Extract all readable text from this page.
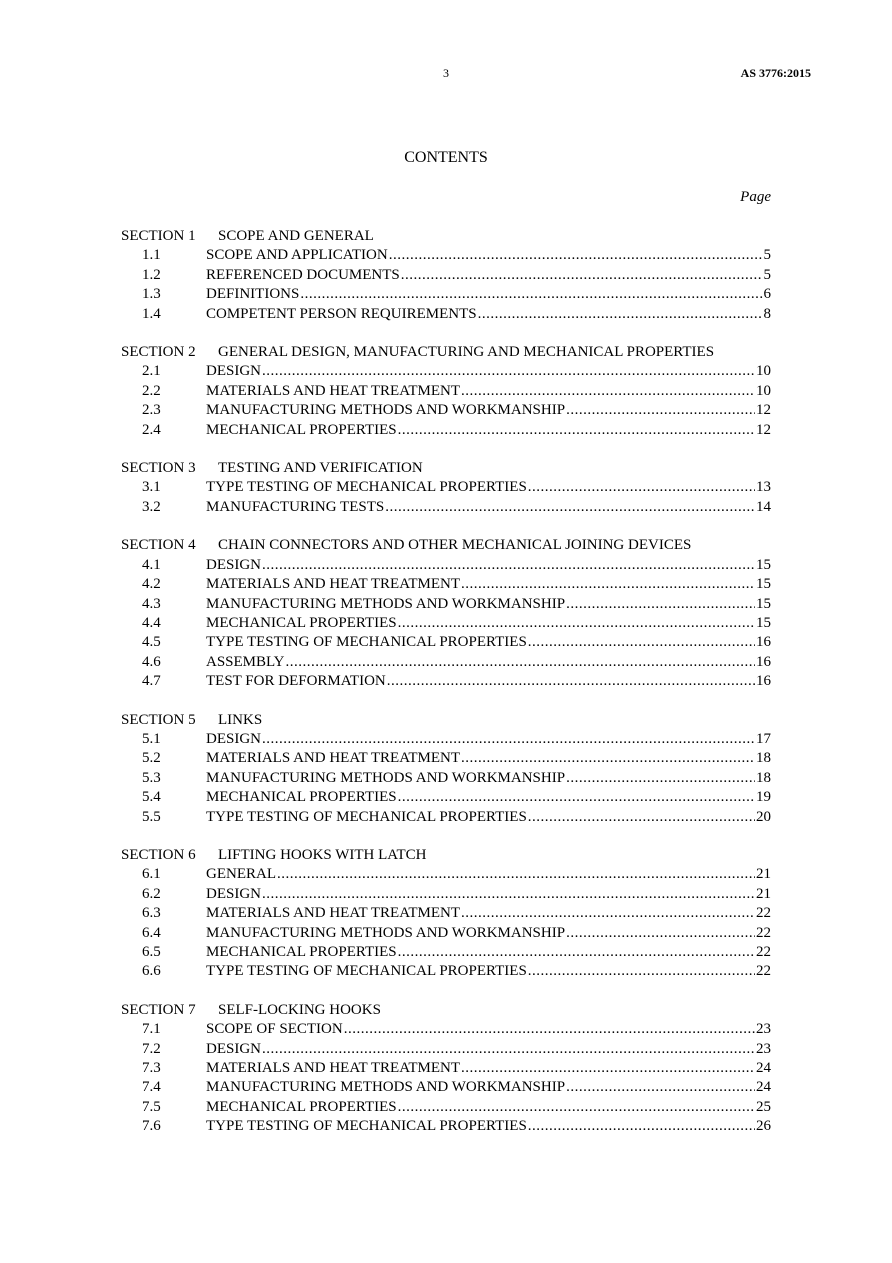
3	AS 3776:2015
CONTENTS
Page
SECTION 1 SCOPE AND GENERAL
1.1	SCOPE AND APPLICATION .....	5
1.2	REFERENCED DOCUMENTS .....	5
1.3	DEFINITIONS .....	6
1.4	COMPETENT PERSON REQUIREMENTS .....	8
SECTION 2 GENERAL DESIGN, MANUFACTURING AND MECHANICAL PROPERTIES
2.1	DESIGN .....	10
2.2	MATERIALS AND HEAT TREATMENT .....	10
2.3	MANUFACTURING METHODS AND WORKMANSHIP .....	12
2.4	MECHANICAL PROPERTIES .....	12
SECTION 3 TESTING AND VERIFICATION
3.1	TYPE TESTING OF MECHANICAL PROPERTIES .....	13
3.2	MANUFACTURING TESTS .....	14
SECTION 4 CHAIN CONNECTORS AND OTHER MECHANICAL JOINING DEVICES
4.1	DESIGN .....	15
4.2	MATERIALS AND HEAT TREATMENT .....	15
4.3	MANUFACTURING METHODS AND WORKMANSHIP .....	15
4.4	MECHANICAL PROPERTIES .....	15
4.5	TYPE TESTING OF MECHANICAL PROPERTIES .....	16
4.6	ASSEMBLY .....	16
4.7	TEST FOR DEFORMATION .....	16
SECTION 5 LINKS
5.1	DESIGN .....	17
5.2	MATERIALS AND HEAT TREATMENT .....	18
5.3	MANUFACTURING METHODS AND WORKMANSHIP .....	18
5.4	MECHANICAL PROPERTIES .....	19
5.5	TYPE TESTING OF MECHANICAL PROPERTIES .....	20
SECTION 6 LIFTING HOOKS WITH LATCH
6.1	GENERAL .....	21
6.2	DESIGN .....	21
6.3	MATERIALS AND HEAT TREATMENT .....	22
6.4	MANUFACTURING METHODS AND WORKMANSHIP .....	22
6.5	MECHANICAL PROPERTIES .....	22
6.6	TYPE TESTING OF MECHANICAL PROPERTIES .....	22
SECTION 7 SELF-LOCKING HOOKS
7.1	SCOPE OF SECTION .....	23
7.2	DESIGN .....	23
7.3	MATERIALS AND HEAT TREATMENT .....	24
7.4	MANUFACTURING METHODS AND WORKMANSHIP .....	24
7.5	MECHANICAL PROPERTIES .....	25
7.6	TYPE TESTING OF MECHANICAL PROPERTIES .....	26
